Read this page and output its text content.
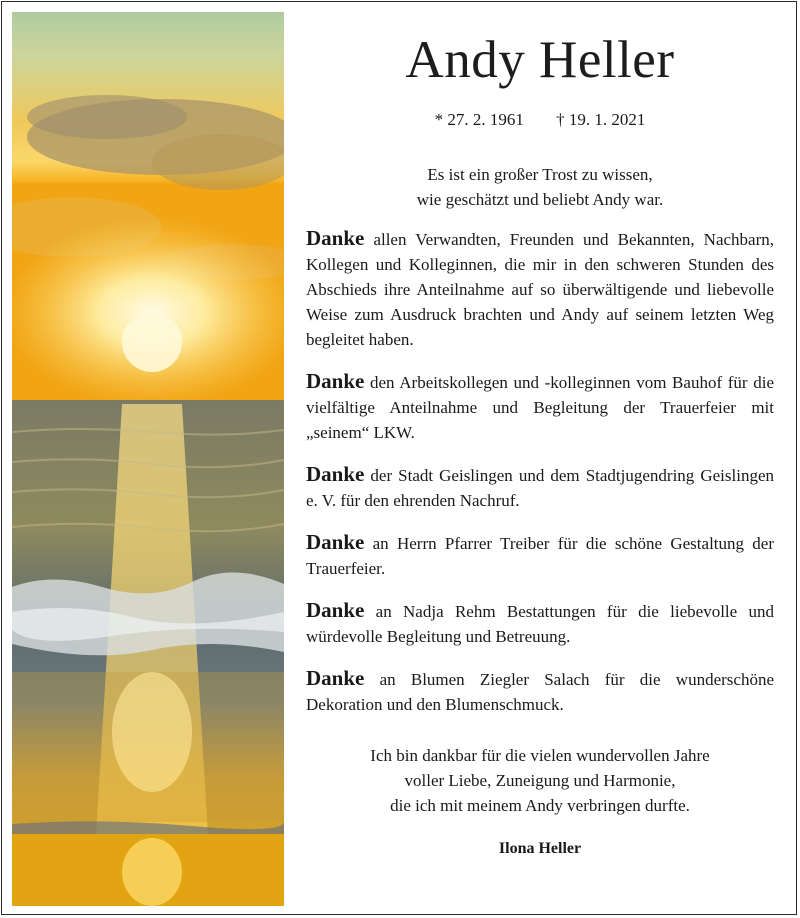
Andy Heller
* 27. 2. 1961 † 19. 1. 2021
Es ist ein großer Trost zu wissen,
wie geschätzt und beliebt Andy war.

Danke allen Verwandten, Freunden und Bekannten, Nachbarn, Kollegen und Kolleginnen, die mir in den schweren Stunden des Abschieds ihre Anteilnahme auf so überwältigende und liebevolle Weise zum Ausdruck brachten und Andy auf seinem letzten Weg begleitet haben.

Danke den Arbeitskollegen und -kolleginnen vom Bauhof für die vielfältige Anteilnahme und Begleitung der Trauerfeier mit „seinem“ LKW.

Danke der Stadt Geislingen und dem Stadtjugendring Geislingen e. V. für den ehrenden Nachruf.

Danke an Herrn Pfarrer Treiber für die schöne Gestaltung der Trauerfeier.

Danke an Nadja Rehm Bestattungen für die liebevolle und würdevolle Begleitung und Betreuung.

Danke an Blumen Ziegler Salach für die wunderschöne Dekoration und den Blumenschmuck.

Ich bin dankbar für die vielen wundervollen Jahre
voller Liebe, Zuneigung und Harmonie,
die ich mit meinem Andy verbringen durfte.
Ilona Heller
